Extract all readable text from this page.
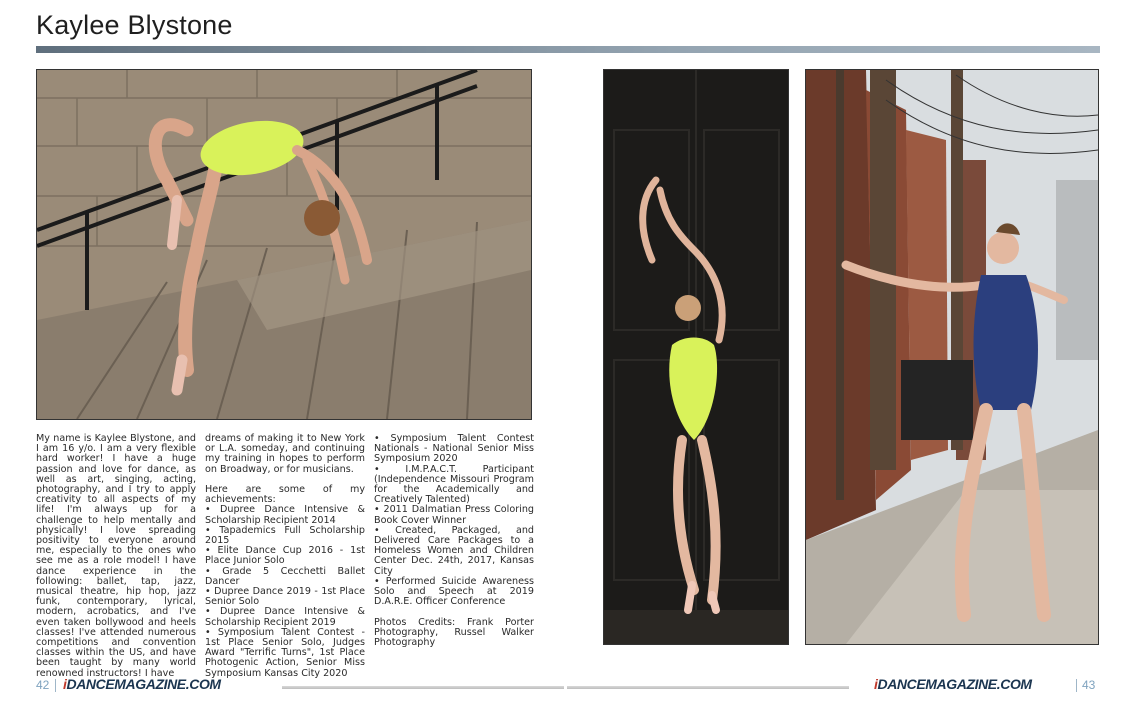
Kaylee Blystone
My name is Kaylee Blystone, and I am 16 y/o. I am a very flexible hard worker! I have a huge passion and love for dance, as well as art, singing, acting, photography, and I try to apply creativity to all aspects of my life! I'm always up for a challenge to help mentally and physically! I love spreading positivity to everyone around me, especially to the ones who see me as a role model! I have dance experience in the following: ballet, tap, jazz, musical theatre, hip hop, jazz funk, contemporary, lyrical, modern, acrobatics, and I've even taken bollywood and heels classes! I've attended numerous competitions and convention classes within the US, and have been taught by many world renowned instructors! I have
dreams of making it to New York or L.A. someday, and continuing my training in hopes to perform on Broadway, or for musicians.

Here are some of my achievements:
• Dupree Dance Intensive & Scholarship Recipient 2014
• Tapademics Full Scholarship 2015
• Elite Dance Cup 2016 - 1st Place Junior Solo
• Grade 5 Cecchetti Ballet Dancer
• Dupree Dance 2019 - 1st Place Senior Solo
• Dupree Dance Intensive & Scholarship Recipient 2019
• Symposium Talent Contest - 1st Place Senior Solo, Judges Award "Terrific Turns", 1st Place Photogenic Action, Senior Miss Symposium Kansas City 2020
• Symposium Talent Contest Nationals - National Senior Miss Symposium 2020
• I.M.P.A.C.T. Participant (Independence Missouri Program for the Academically and Creatively Talented)
• 2011 Dalmatian Press Coloring Book Cover Winner
• Created, Packaged, and Delivered Care Packages to a Homeless Women and Children Center Dec. 24th, 2017, Kansas City
• Performed Suicide Awareness Solo and Speech at 2019 D.A.R.E. Officer Conference

Photos Credits: Frank Porter Photography, Russel Walker Photography
42 iDANCEMAGAZINE.COM	iDANCEMAGAZINE.COM	43
